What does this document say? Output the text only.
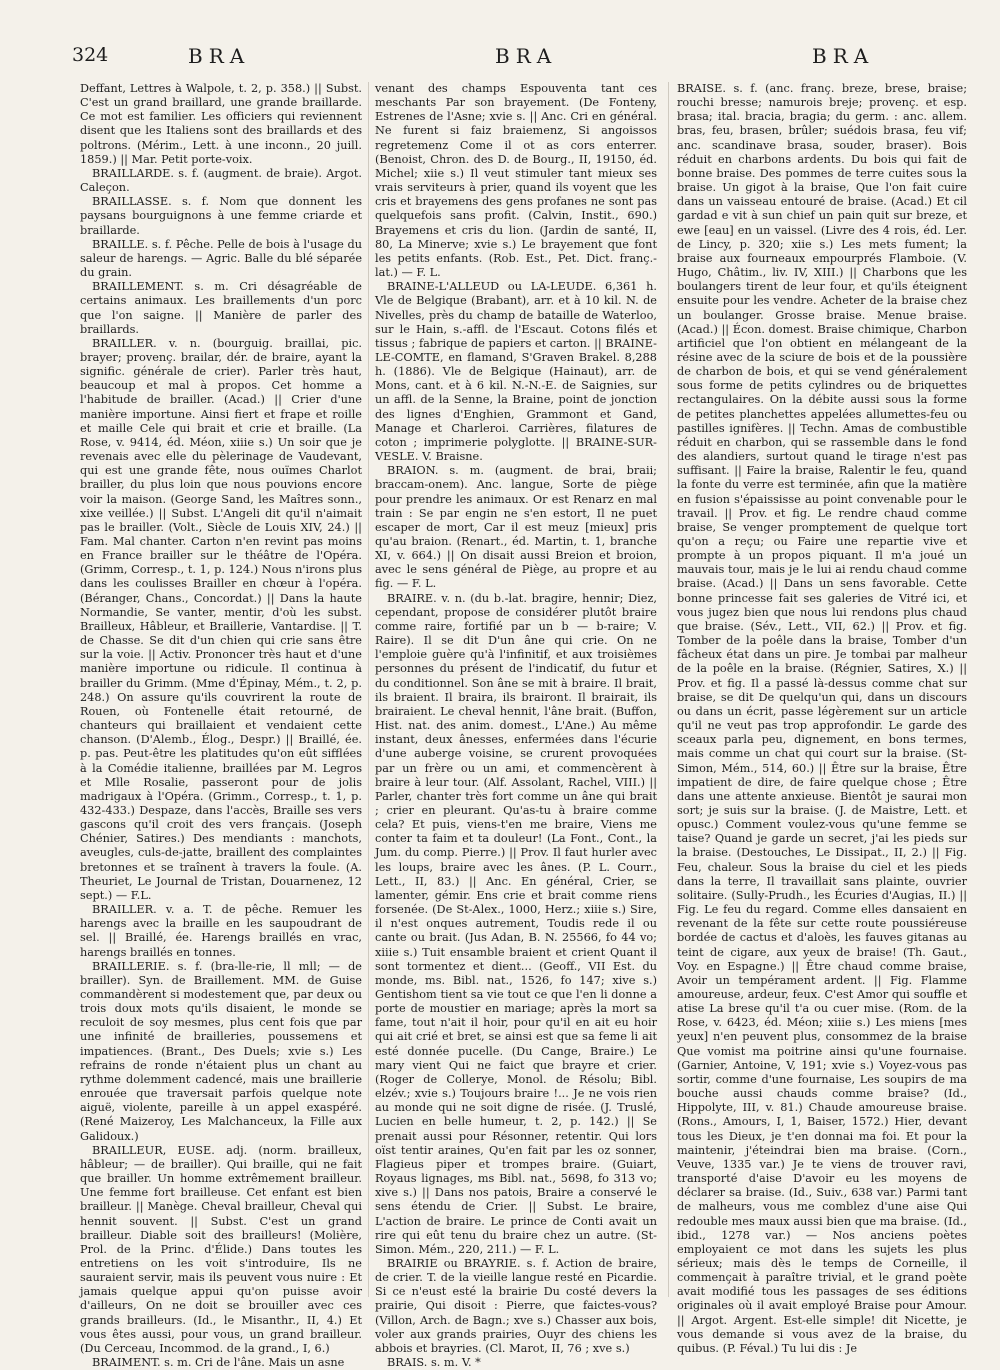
324	BRA	BRA	BRA

Deffant, Lettres à Walpole, t. 2, p. 358.) || Subst. C'est un grand braillard, une grande braillarde. Ce mot est familier. Les officiers qui reviennent disent que les Italiens sont des braillards et des poltrons. (Mérim., Lett. à une inconn., 20 juill. 1859.) || Mar. Petit porte-voix.

BRAILLARDE. s. f. (augment. de braie). Argot. Caleçon.

BRAILLASSE. s. f. Nom que donnent les paysans bourguignons à une femme criarde et braillarde.

BRAILLE. s. f. Pêche. Pelle de bois à l'usage du saleur de harengs. — Agric. Balle du blé séparée du grain.

BRAILLEMENT. s. m. Cri désagréable de certains animaux. Les braillements d'un porc que l'on saigne. || Manière de parler des braillards.

BRAILLER. v. n. (bourguig. braillai, pic. brayer; provenç. brailar, dér. de braire, ayant la signific. générale de crier). Parler très haut, beaucoup et mal à propos. Cet homme a l'habitude de brailler. (Acad.) || Crier d'une manière importune. Ainsi fiert et frape et roille et maille Cele qui brait et crie et braille. (La Rose, v. 9414, éd. Méon, xiiie s.) Un soir que je revenais avec elle du pèlerinage de Vaudevant, qui est une grande fête, nous ouïmes Charlot brailler, du plus loin que nous pouvions encore voir la maison. (George Sand, les Maîtres sonn., xixe veillée.) || Subst. L'Angeli dit qu'il n'aimait pas le brailler. (Volt., Siècle de Louis XIV, 24.) || Fam. Mal chanter. Carton n'en revint pas moins en France brailler sur le théâtre de l'Opéra. (Grimm, Corresp., t. 1, p. 124.) Nous n'irons plus dans les coulisses Brailler en chœur à l'opéra. (Béranger, Chans., Concordat.) || Dans la haute Normandie, Se vanter, mentir, d'où les subst. Brailleux, Hâbleur, et Braillerie, Vantardise. || T. de Chasse. Se dit d'un chien qui crie sans être sur la voie. || Activ. Prononcer très haut et d'une manière importune ou ridicule. Il continua à brailler du Grimm. (Mme d'Épinay, Mém., t. 2, p. 248.) On assure qu'ils couvrirent la route de Rouen, où Fontenelle était retourné, de chanteurs qui braillaient et vendaient cette chanson. (D'Alemb., Élog., Despr.) || Braillé, ée. p. pas. Peut-être les platitudes qu'on eût sifflées à la Comédie italienne, braillées par M. Legros et Mlle Rosalie, passeront pour de jolis madrigaux à l'Opéra. (Grimm., Corresp., t. 1, p. 432-433.) Despaze, dans l'accès, Braille ses vers gascons qu'il croit des vers français. (Joseph Chénier, Satires.) Des mendiants : manchots, aveugles, culs-de-jatte, braillent des complaintes bretonnes et se traînent à travers la foule. (A. Theuriet, Le Journal de Tristan, Douarnenez, 12 sept.) — F.L.

BRAILLER. v. a. T. de pêche. Remuer les harengs avec la braille en les saupoudrant de sel. || Braillé, ée. Harengs braillés en vrac, harengs braillés en tonnes.

BRAILLERIE. s. f. (bra-lle-rie, ll mll; — de brailler). Syn. de Braillement. MM. de Guise commandèrent si modestement que, par deux ou trois doux mots qu'ils disaient, le monde se reculoit de soy mesmes, plus cent fois que par une infinité de brailleries, poussemens et impatiences. (Brant., Des Duels; xvie s.) Les refrains de ronde n'étaient plus un chant au rythme dolemment cadencé, mais une braillerie enrouée que traversait parfois quelque note aiguë, violente, pareille à un appel exaspéré. (René Maizeroy, Les Malchanceux, la Fille aux Galidoux.)

BRAILLEUR, EUSE. adj. (norm. brailleux, hâbleur; — de brailler). Qui braille, qui ne fait que brailler. Un homme extrêmement brailleur. Une femme fort brailleuse. Cet enfant est bien brailleur. || Manège. Cheval brailleur, Cheval qui hennit souvent. || Subst. C'est un grand brailleur. Diable soit des brailleurs! (Molière, Prol. de la Princ. d'Élide.) Dans toutes les entretiens on les voit s'introduire, Ils ne sauraient servir, mais ils peuvent vous nuire : Et jamais quelque appui qu'on puisse avoir d'ailleurs, On ne doit se brouiller avec ces grands brailleurs. (Id., le Misanthr., II, 4.) Et vous êtes aussi, pour vous, un grand brailleur. (Du Cerceau, Incommod. de la grand., I, 6.)

BRAIMENT. s. m. Cri de l'âne. Mais un asne

venant des champs Espouventa tant ces meschants Par son brayement. (De Fonteny, Estrenes de l'Asne; xvie s. || Anc. Cri en général. Ne furent si faiz braiemenz, Si angoissos regretemenz Come il ot as cors enterrer. (Benoist, Chron. des D. de Bourg., II, 19150, éd. Michel; xiie s.) Il veut stimuler tant mieux ses vrais serviteurs à prier, quand ils voyent que les cris et brayemens des gens profanes ne sont pas quelquefois sans profit. (Calvin, Instit., 690.) Brayemens et cris du lion. (Jardin de santé, II, 80, La Minerve; xvie s.) Le brayement que font les petits enfants. (Rob. Est., Pet. Dict. franç.-lat.) — F. L.

BRAINE-L'ALLEUD ou LA-LEUDE. 6,361 h. Vle de Belgique (Brabant), arr. et à 10 kil. N. de Nivelles, près du champ de bataille de Waterloo, sur le Hain, s.-affl. de l'Escaut. Cotons filés et tissus ; fabrique de papiers et carton. || BRAINE-LE-COMTE, en flamand, S'Graven Brakel. 8,288 h. (1886). Vle de Belgique (Hainaut), arr. de Mons, cant. et à 6 kil. N.-N.-E. de Saignies, sur un affl. de la Senne, la Braine, point de jonction des lignes d'Enghien, Grammont et Gand, Manage et Charleroi. Carrières, filatures de coton ; imprimerie polyglotte. || BRAINE-SUR-VESLE. V. Braisne.

BRAION. s. m. (augment. de brai, braii; braccam-onem). Anc. langue, Sorte de piège pour prendre les animaux. Or est Renarz en mal train : Se par engin ne s'en estort, Il ne puet escaper de mort, Car il est meuz [mieux] pris qu'au braion. (Renart., éd. Martin, t. 1, branche XI, v. 664.) || On disait aussi Breion et broion, avec le sens général de Piège, au propre et au fig. — F. L.

BRAIRE. v. n. (du b.-lat. bragire, hennir; Diez, cependant, propose de considérer plutôt braire comme raire, fortifié par un b — b-raire; V. Raire). Il se dit D'un âne qui crie. On ne l'emploie guère qu'à l'infinitif, et aux troisièmes personnes du présent de l'indicatif, du futur et du conditionnel. Son âne se mit à braire. Il brait, ils braient. Il braira, ils brairont. Il brairait, ils brairaient. Le cheval hennit, l'âne brait. (Buffon, Hist. nat. des anim. domest., L'Ane.) Au même instant, deux ânesses, enfermées dans l'écurie d'une auberge voisine, se crurent provoquées par un frère ou un ami, et commencèrent à braire à leur tour. (Alf. Assolant, Rachel, VIII.) || Parler, chanter très fort comme un âne qui brait ; crier en pleurant. Qu'as-tu à braire comme cela? Et puis, viens-t'en me braire, Viens me conter ta faim et ta douleur! (La Font., Cont., la Jum. du comp. Pierre.) || Prov. Il faut hurler avec les loups, braire avec les ânes. (P. L. Courr., Lett., II, 83.) || Anc. En général, Crier, se lamenter, gémir. Ens crie et brait comme riens forsenée. (De St-Alex., 1000, Herz.; xiiie s.) Sire, il n'est onques autrement, Toudis rede il ou cante ou brait. (Jus Adan, B. N. 25566, fo 44 vo; xiiie s.) Tuit ensamble braient et crient Quant il sont tormentez et dient... (Geoff., VII Est. du monde, ms. Bibl. nat., 1526, fo 147; xive s.) Gentishom tient sa vie tout ce que l'en li donne a porte de moustier en mariage; après la mort sa fame, tout n'ait il hoir, pour qu'il en ait eu hoir qui ait crié et bret, se ainsi est que sa feme li ait esté donnée pucelle. (Du Cange, Braire.) Le mary vient Qui ne faict que brayre et crier. (Roger de Collerye, Monol. de Résolu; Bibl. elzév.; xvie s.) Toujours braire !... Je ne vois rien au monde qui ne soit digne de risée. (J. Truslé, Lucien en belle humeur, t. 2, p. 142.) || Se prenait aussi pour Résonner, retentir. Qui lors oïst tentir araines, Qu'en fait par les oz sonner, Flagieus piper et trompes braire. (Guiart, Royaus lignages, ms Bibl. nat., 5698, fo 313 vo; xive s.) || Dans nos patois, Braire a conservé le sens étendu de Crier. || Subst. Le braire, L'action de braire. Le prince de Conti avait un rire qui eût tenu du braire chez un autre. (St-Simon. Mém., 220, 211.) — F. L.

BRAIRIE ou BRAYRIE. s. f. Action de braire, de crier. T. de la vieille langue resté en Picardie. Si ce n'eust esté la brairie Du costé devers la prairie, Qui disoit : Pierre, que faictes-vous? (Villon, Arch. de Bagn.; xve s.) Chasser aux bois, voler aux grands prairies, Ouyr des chiens les abbois et brayries. (Cl. Marot, II, 76 ; xve s.)

BRAIS. s. m. V. *

BRAISE. s. f. (anc. franç. breze, brese, braise; rouchi bresse; namurois breje; provenç. et esp. brasa; ital. bracia, bragia; du germ. : anc. allem. bras, feu, brasen, brûler; suédois brasa, feu vif; anc. scandinave brasa, souder, braser). Bois réduit en charbons ardents. Du bois qui fait de bonne braise. Des pommes de terre cuites sous la braise. Un gigot à la braise, Que l'on fait cuire dans un vaisseau entouré de braise. (Acad.) Et cil gardad e vit à sun chief un pain quit sur breze, et ewe [eau] en un vaissel. (Livre des 4 rois, éd. Ler. de Lincy, p. 320; xiie s.) Les mets fument; la braise aux fourneaux empourprés Flamboie. (V. Hugo, Châtim., liv. IV, XIII.) || Charbons que les boulangers tirent de leur four, et qu'ils éteignent ensuite pour les vendre. Acheter de la braise chez un boulanger. Grosse braise. Menue braise. (Acad.) || Écon. domest. Braise chimique, Charbon artificiel que l'on obtient en mélangeant de la résine avec de la sciure de bois et de la poussière de charbon de bois, et qui se vend généralement sous forme de petits cylindres ou de briquettes rectangulaires. On la débite aussi sous la forme de petites planchettes appelées allumettes-feu ou pastilles ignifères. || Techn. Amas de combustible réduit en charbon, qui se rassemble dans le fond des alandiers, surtout quand le tirage n'est pas suffisant. || Faire la braise, Ralentir le feu, quand la fonte du verre est terminée, afin que la matière en fusion s'épaississe au point convenable pour le travail. || Prov. et fig. Le rendre chaud comme braise, Se venger promptement de quelque tort qu'on a reçu; ou Faire une repartie vive et prompte à un propos piquant. Il m'a joué un mauvais tour, mais je le lui ai rendu chaud comme braise. (Acad.) || Dans un sens favorable. Cette bonne princesse fait ses galeries de Vitré ici, et vous jugez bien que nous lui rendons plus chaud que braise. (Sév., Lett., VII, 62.) || Prov. et fig. Tomber de la poêle dans la braise, Tomber d'un fâcheux état dans un pire. Je tombai par malheur de la poêle en la braise. (Régnier, Satires, X.) || Prov. et fig. Il a passé là-dessus comme chat sur braise, se dit De quelqu'un qui, dans un discours ou dans un écrit, passe légèrement sur un article qu'il ne veut pas trop approfondir. Le garde des sceaux parla peu, dignement, en bons termes, mais comme un chat qui court sur la braise. (St-Simon, Mém., 514, 60.) || Être sur la braise, Être impatient de dire, de faire quelque chose ; Être dans une attente anxieuse. Bientôt je saurai mon sort; je suis sur la braise. (J. de Maistre, Lett. et opusc.) Comment voulez-vous qu'une femme se taise? Quand je garde un secret, j'ai les pieds sur la braise. (Destouches, Le Dissipat., II, 2.) || Fig. Feu, chaleur. Sous la braise du ciel et les pieds dans la terre, Il travaillait sans plainte, ouvrier solitaire. (Sully-Prudh., les Écuries d'Augias, II.) || Fig. Le feu du regard. Comme elles dansaient en revenant de la fête sur cette route poussiéreuse bordée de cactus et d'aloès, les fauves gitanas au teint de cigare, aux yeux de braise! (Th. Gaut., Voy. en Espagne.) || Être chaud comme braise, Avoir un tempérament ardent. || Fig. Flamme amoureuse, ardeur, feux. C'est Amor qui souffle et atise La brese qu'il t'a ou cuer mise. (Rom. de la Rose, v. 6423, éd. Méon; xiiie s.) Les miens [mes yeux] n'en peuvent plus, consommez de la braise Que vomist ma poitrine ainsi qu'une fournaise. (Garnier, Antoine, V, 191; xvie s.) Voyez-vous pas sortir, comme d'une fournaise, Les soupirs de ma bouche aussi chauds comme braise? (Id., Hippolyte, III, v. 81.) Chaude amoureuse braise. (Rons., Amours, I, 1, Baiser, 1572.) Hier, devant tous les Dieux, je t'en donnai ma foi. Et pour la maintenir, j'éteindrai bien ma braise. (Corn., Veuve, 1335 var.) Je te viens de trouver ravi, transporté d'aise D'avoir eu les moyens de déclarer sa braise. (Id., Suiv., 638 var.) Parmi tant de malheurs, vous me comblez d'une aise Qui redouble mes maux aussi bien que ma braise. (Id., ibid., 1278 var.) — Nos anciens poètes employaient ce mot dans les sujets les plus sérieux; mais dès le temps de Corneille, il commençait à paraître trivial, et le grand poète avait modifié tous les passages de ses éditions originales où il avait employé Braise pour Amour. || Argot. Argent. Est-elle simple! dit Nicette, je vous demande si vous avez de la braise, du quibus. (P. Féval.) Tu lui dis : Je
